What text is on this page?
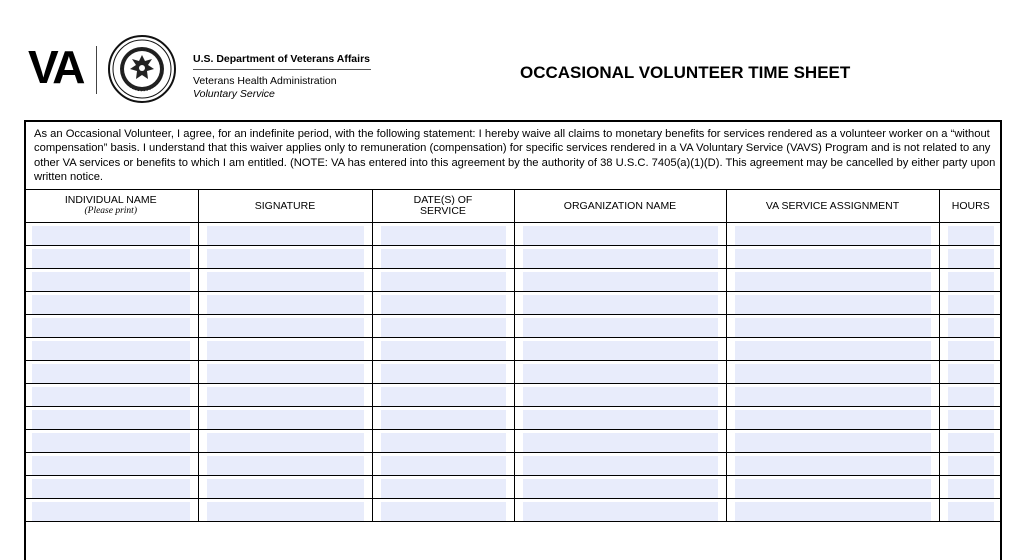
VA	U.S. Department of Veterans Affairs
Veterans Health Administration
Voluntary Service
OCCASIONAL VOLUNTEER TIME SHEET
As an Occasional Volunteer, I agree, for an indefinite period, with the following statement: I hereby waive all claims to monetary benefits for services rendered as a volunteer worker on a “without compensation” basis. I understand that this waiver applies only to remuneration (compensation) for specific services rendered in a VA Voluntary Service (VAVS) Program and is not related to any other VA services or benefits to which I am entitled. (NOTE: VA has entered into this agreement by the authority of 38 U.S.C. 7405(a)(1)(D). This agreement may be cancelled by either party upon written notice.
INDIVIDUAL NAME
(Please print)	SIGNATURE	DATE(S) OF SERVICE	ORGANIZATION NAME	VA SERVICE ASSIGNMENT	HOURS
